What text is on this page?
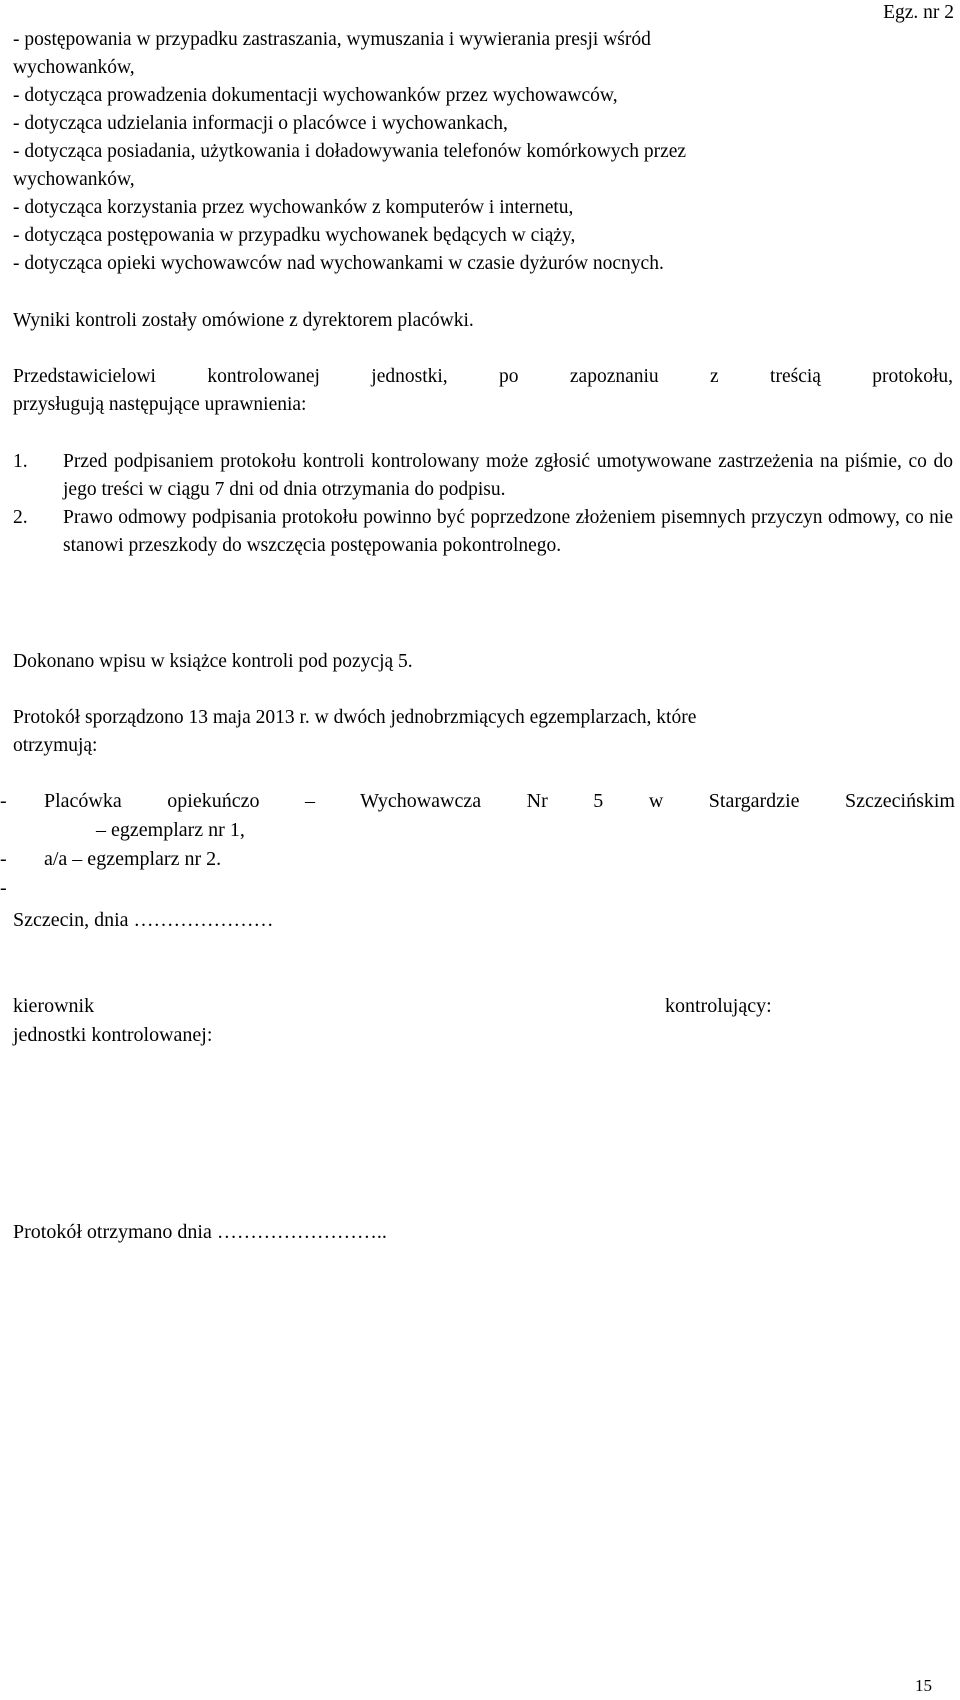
Egz. nr 2
- postępowania w przypadku zastraszania, wymuszania i wywierania presji wśród
wychowanków,
- dotycząca prowadzenia dokumentacji wychowanków przez wychowawców,
- dotycząca udzielania informacji o placówce i wychowankach,
- dotycząca posiadania, użytkowania i doładowywania telefonów komórkowych przez
wychowanków,
- dotycząca korzystania przez wychowanków z komputerów i internetu,
- dotycząca postępowania w przypadku wychowanek będących w ciąży,
- dotycząca opieki wychowawców nad wychowankami w czasie dyżurów nocnych.
Wyniki kontroli zostały omówione z dyrektorem placówki.
Przedstawicielowi kontrolowanej jednostki, po zapoznaniu z treścią protokołu,
przysługują następujące uprawnienia:
1. Przed podpisaniem protokołu kontroli kontrolowany może zgłosić umotywowane zastrzeżenia na piśmie, co do jego treści w ciągu 7 dni od dnia otrzymania do podpisu.
2. Prawo odmowy podpisania protokołu powinno być poprzedzone złożeniem pisemnych przyczyn odmowy, co nie stanowi przeszkody do wszczęcia postępowania pokontrolnego.
Dokonano wpisu w książce kontroli pod pozycją 5.
Protokół sporządzono 13 maja 2013 r. w dwóch jednobrzmiących egzemplarzach, które
otrzymują:
- Placówka opiekuńczo – Wychowawcza Nr 5 w Stargardzie Szczecińskim
– egzemplarz nr 1,
- a/a – egzemplarz nr 2.
-
Szczecin, dnia …………………
kierownik
jednostki kontrolowanej:
kontrolujący:
Protokół otrzymano dnia ……………………..
15
